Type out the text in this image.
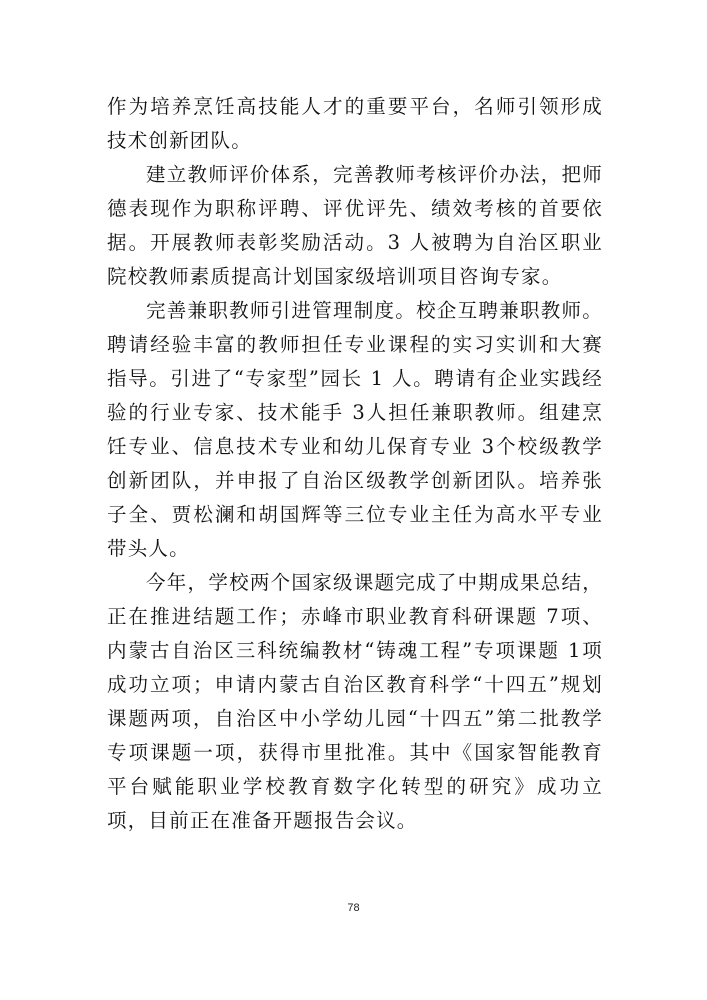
作为培养烹饪高技能人才的重要平台，名师引领形成技术创新团队。

建立教师评价体系，完善教师考核评价办法，把师德表现作为职称评聘、评优评先、绩效考核的首要依据。开展教师表彰奖励活动。3 人被聘为自治区职业院校教师素质提高计划国家级培训项目咨询专家。

完善兼职教师引进管理制度。校企互聘兼职教师。聘请经验丰富的教师担任专业课程的实习实训和大赛指导。引进了“专家型”园长 1 人。聘请有企业实践经验的行业专家、技术能手 3人担任兼职教师。组建烹饪专业、信息技术专业和幼儿保育专业 3个校级教学创新团队，并申报了自治区级教学创新团队。培养张子全、贾松澜和胡国辉等三位专业主任为高水平专业带头人。

今年，学校两个国家级课题完成了中期成果总结，正在推进结题工作；赤峰市职业教育科研课题 7项、内蒙古自治区三科统编教材“铸魂工程”专项课题 1项成功立项；申请内蒙古自治区教育科学“十四五”规划课题两项，自治区中小学幼儿园“十四五”第二批教学专项课题一项，获得市里批准。其中《国家智能教育平台赋能职业学校教育数字化转型的研究》成功立项，目前正在准备开题报告会议。

78
